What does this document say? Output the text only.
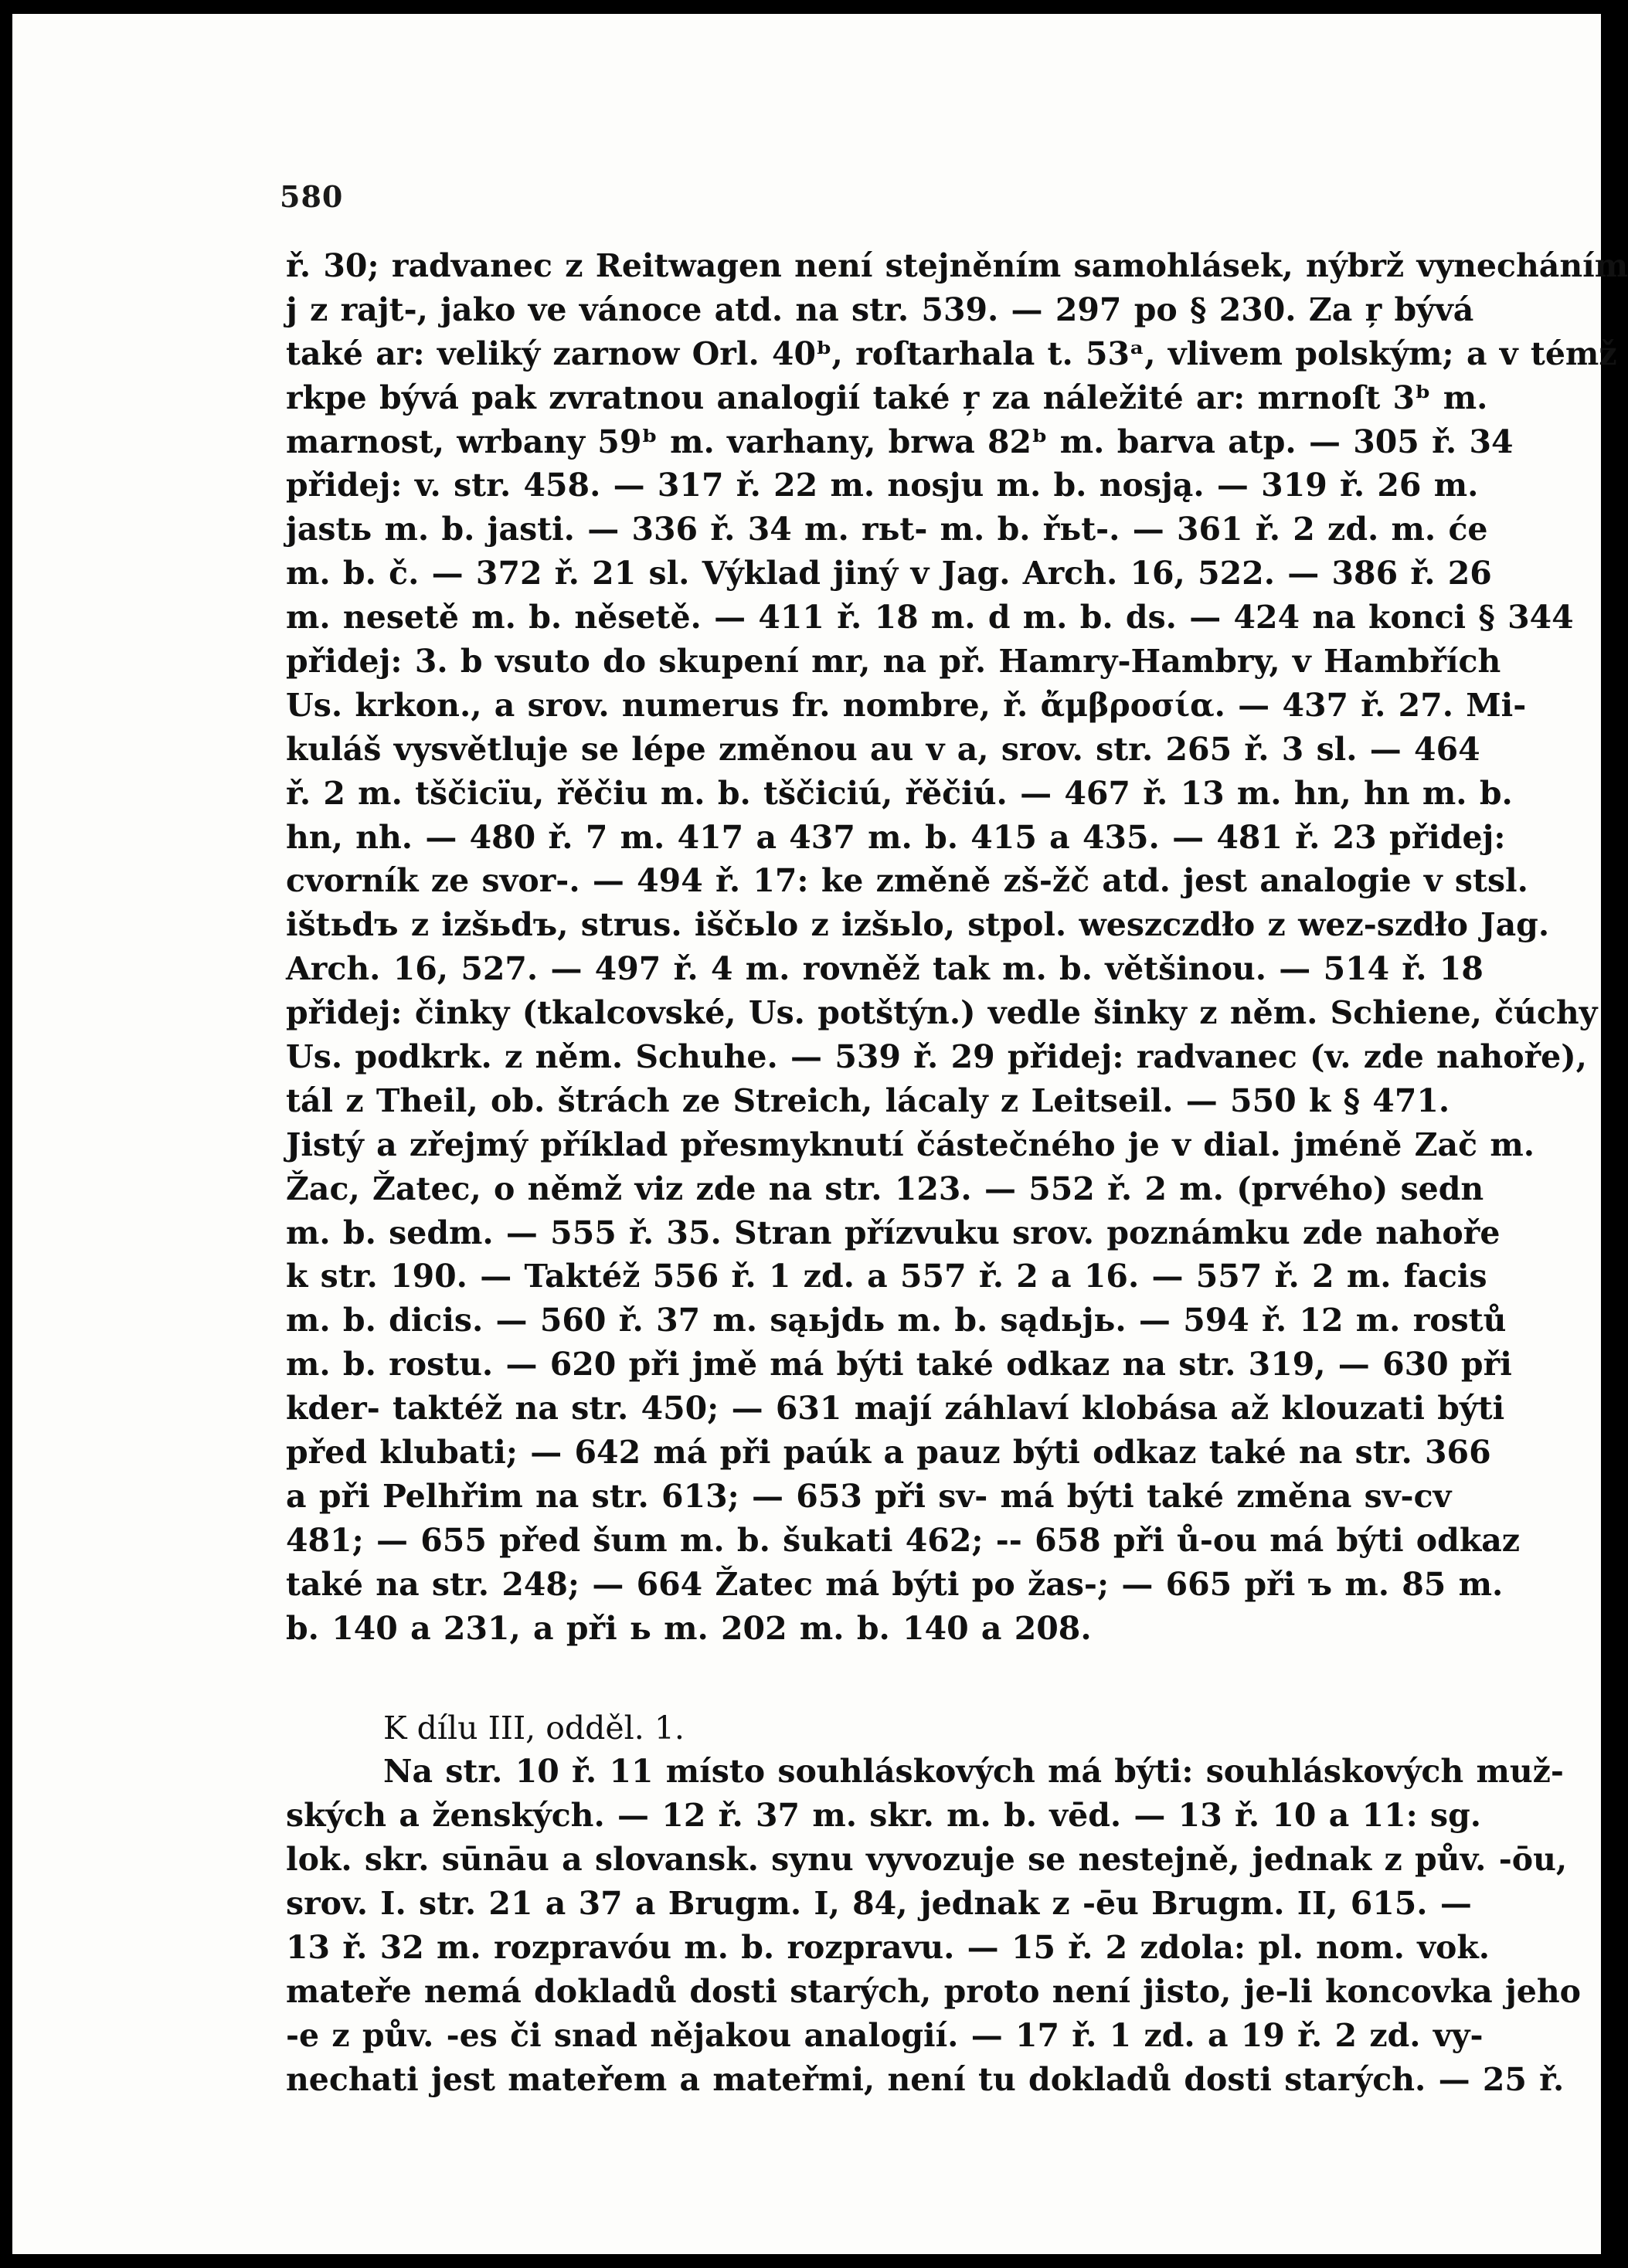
580
ř. 30; radvanec z Reitwagen není stejněním samohlásek, nýbrž vynecháním
j z rajt-, jako ve vánoce atd. na str. 539. — 297 po § 230. Za ŗ bývá
také ar: veliký zarnow Orl. 40ᵇ, roſtarhala t. 53ᵃ, vlivem polským; a v témž
rkpe bývá pak zvratnou analogií také ŗ za náležité ar: mrnoſt 3ᵇ m.
marnost, wrbany 59ᵇ m. varhany, brwa 82ᵇ m. barva atp. — 305 ř. 34
přidej: v. str. 458. — 317 ř. 22 m. nosju m. b. nosją. — 319 ř. 26 m.
jastь m. b. jasti. — 336 ř. 34 m. rьt- m. b. řьt-. — 361 ř. 2 zd. m. će
m. b. č. — 372 ř. 21 sl. Výklad jiný v Jag. Arch. 16, 522. — 386 ř. 26
m. nesetě m. b. něsetě. — 411 ř. 18 m. d m. b. ds. — 424 na konci § 344
přidej: 3. b vsuto do skupení mr, na př. Hamry-Hambry, v Hambřích
Us. krkon., a srov. numerus fr. nombre, ř. ἄμβροσία. — 437 ř. 27. Mi-
kuláš vysvětluje se lépe změnou au v a, srov. str. 265 ř. 3 sl. — 464
ř. 2 m. tščicïu, řěčiu m. b. tščiciú, řěčiú. — 467 ř. 13 m. hn, hn m. b.
hn, nh. — 480 ř. 7 m. 417 a 437 m. b. 415 a 435. — 481 ř. 23 přidej:
cvorník ze svor-. — 494 ř. 17: ke změně zš-žč atd. jest analogie v stsl.
ištьdъ z izšьdъ, strus. iščьlo z izšьlo, stpol. weszczdło z wez-szdło Jag.
Arch. 16, 527. — 497 ř. 4 m. rovněž tak m. b. většinou. — 514 ř. 18
přidej: činky (tkalcovské, Us. potštýn.) vedle šinky z něm. Schiene, čúchy
Us. podkrk. z něm. Schuhe. — 539 ř. 29 přidej: radvanec (v. zde nahoře),
tál z Theil, ob. štrách ze Streich, lácaly z Leitseil. — 550 k § 471.
Jistý a zřejmý příklad přesmyknutí částečného je v dial. jméně Zač m.
Žac, Žatec, o němž viz zde na str. 123. — 552 ř. 2 m. (prvého) sedn
m. b. sedm. — 555 ř. 35. Stran přízvuku srov. poznámku zde nahoře
k str. 190. — Taktéž 556 ř. 1 zd. a 557 ř. 2 a 16. — 557 ř. 2 m. facis
m. b. dicis. — 560 ř. 37 m. sąьjdь m. b. sądьjь. — 594 ř. 12 m. rostů
m. b. rostu. — 620 při jmě má býti také odkaz na str. 319, — 630 při
kder- taktéž na str. 450; — 631 mají záhlaví klobása až klouzati býti
před klubati; — 642 má při paúk a pauz býti odkaz také na str. 366
a při Pelhřim na str. 613; — 653 při sv- má býti také změna sv-cv
481; — 655 před šum m. b. šukati 462; -- 658 při ů-ou má býti odkaz
také na str. 248; — 664 Žatec má býti po žas-; — 665 při ъ m. 85 m.
b. 140 a 231, a při ь m. 202 m. b. 140 a 208.
K dílu III, odděl. 1.
Na str. 10 ř. 11 místo souhláskových má býti: souhláskových muž-
ských a ženských. — 12 ř. 37 m. skr. m. b. vēd. — 13 ř. 10 a 11: sg.
lok. skr. sūnāu a slovansk. synu vyvozuje se nestejně, jednak z pův. -ōu,
srov. I. str. 21 a 37 a Brugm. I, 84, jednak z -ēu Brugm. II, 615. —
13 ř. 32 m. rozpravóu m. b. rozpravu. — 15 ř. 2 zdola: pl. nom. vok.
mateře nemá dokladů dosti starých, proto není jisto, je-li koncovka jeho
-e z pův. -es či snad nějakou analogií. — 17 ř. 1 zd. a 19 ř. 2 zd. vy-
nechati jest mateřem a mateřmi, není tu dokladů dosti starých. — 25 ř.
